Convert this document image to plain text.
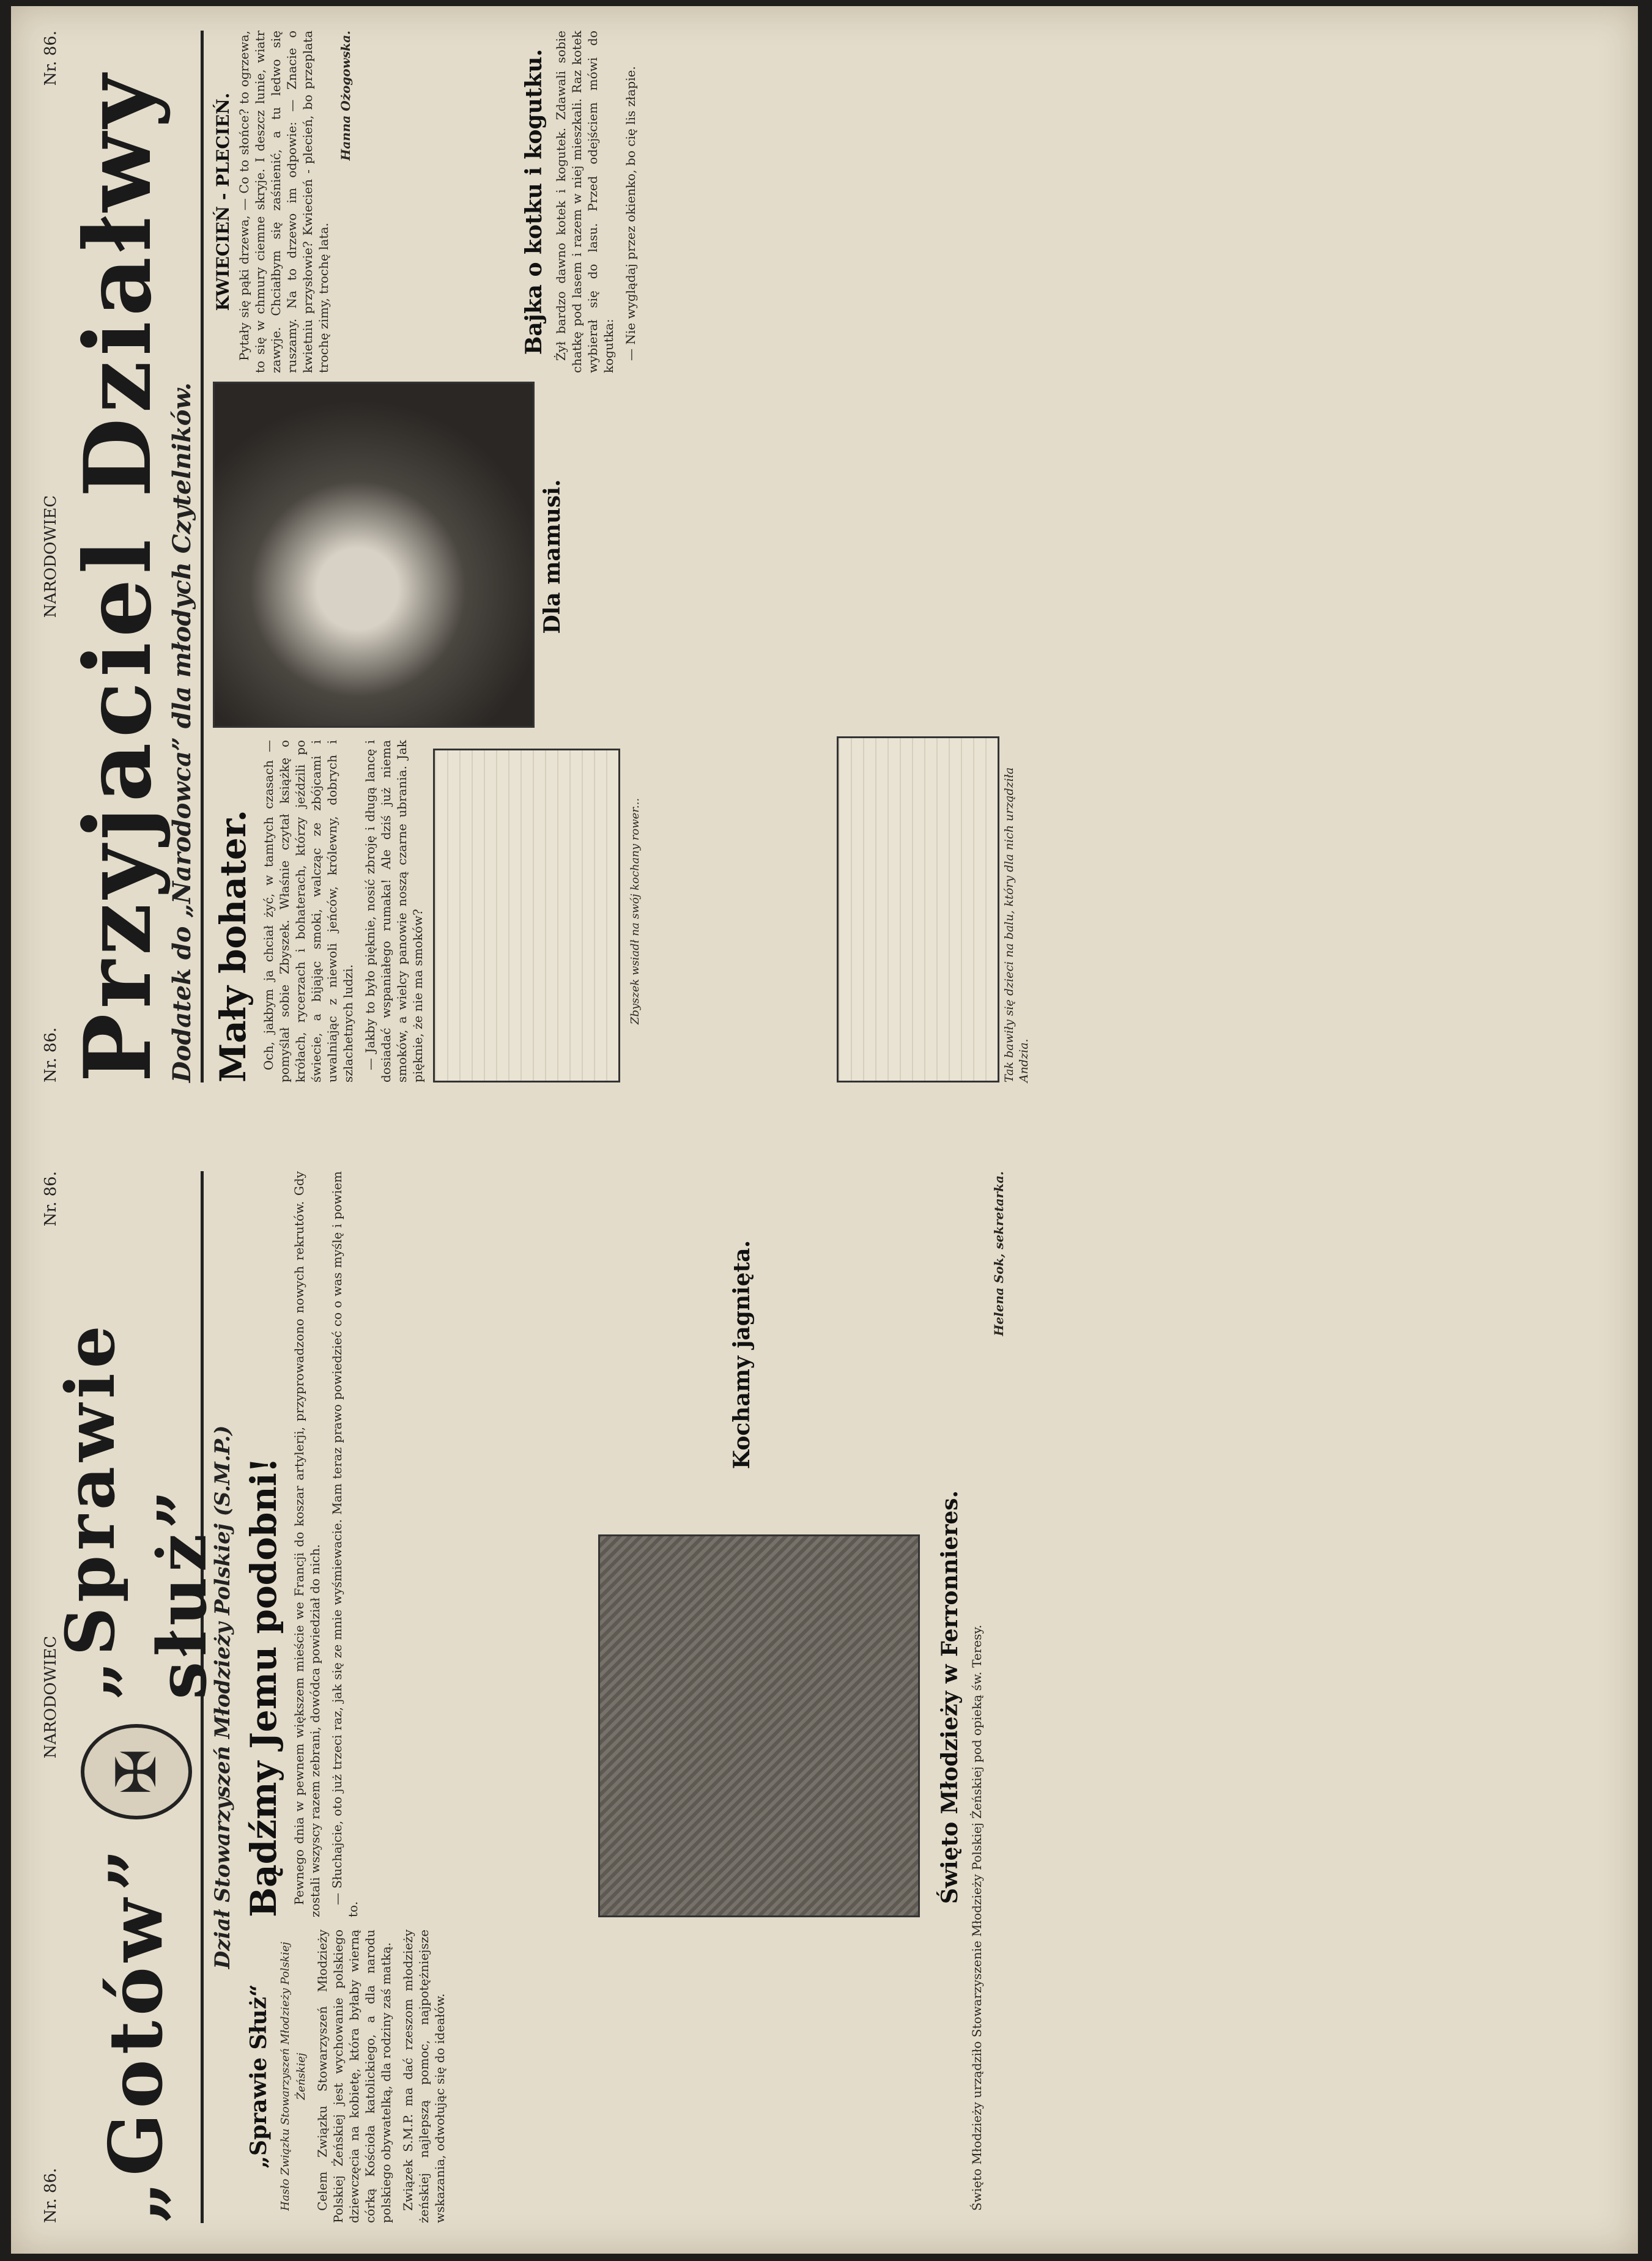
Nr. 86.
NARODOWIEC
Nr. 86.
Przyjaciel Działwy
Dodatek do „Narodowca” dla młodych Czytelników. Mały bohater. Och, jakbym ja chciał żyć, w tamtych czasach — pomyślał sobie Zbyszek. Właśnie czytał książkę o krółach, rycerzach i bohaterach, którzy jeździli po świecie, a bijając smoki, walcząc ze zbójcami i uwalniając z niewoli jeńców, królewny, dobrych i szlachetnych ludzi. — Jakby to było pięknie, nosić zbroję i długą lancę i dosiadać wspaniałego rumaka! Ale dziś już niema smoków, a wielcy panowie noszą czarne ubrania. Jak pięknie, że nie ma smoków?	Zbyszek wsiadł na swój kochany rower...
Dla mamusi.
KWIECIEŃ - PLECIEŃ. Pytały się pąki drzewa, — Co to słońce? to ogrzewa, to się w chmury ciemne skryje. I deszcz lunie, wiatr zawyje. Chciałbym się zaśnienić, a tu ledwo się ruszamy. Na to drzewo im odpowie: — Znacie o kwietniu przysłowie? Kwiecień - plecień, bo przeplata trochę zimy, trochę lata.

Hanna Ożogowska.	Bajka o kotku i kogutku. Żył bardzo dawno kotek i kogutek. Zdawali sobie chatkę pod lasem i razem w niej mieszkali. Raz kotek wybierał się do lasu. Przed odejściem mówi do kogutka: — Nie wyglądaj przez okienko, bo cię lis złapie.

Tak bawiły się dzieci na balu, który dla nich urządziła Andzia.
Nr. 86.
NARODOWIEC
Nr. 86.
„Gotów”
✠
„Sprawie służ”
Dział Stowarzyszeń Młodzieży Polskiej (S.M.P.)
„Sprawie Służ“ Hasło Związku Stowarzyszeń Młodzieży Polskiej Żeńskiej Celem Związku Stowarzyszeń Młodzieży Polskiej Żeńskiej jest wychowanie polskiego dziewczęcia na kobietę, która byłaby wierną córką Kościoła katolickiego, a dla narodu polskiego obywatelką, dla rodziny zaś matką. Związek S.M.P. ma dać rzeszom młodzieży żeńskiej najlepszą pomoc, najpotężniejsze wskazania, odwołując się do ideałów.

Bądźmy Jemu podobni! Pewnego dnia w pewnem większem mieście we Francji do koszar artylerji, przyprowadzono nowych rekrutów. Gdy zostali wszyscy razem zebrani, dowódca powiedział do nich. — Słuchajcie, oto już trzeci raz, jak się ze mnie wyśmiewacie. Mam teraz prawo powiedzieć co o was myślę i powiem to.

Kochamy jagnięta.
Święto Młodzieży w Ferronnieres. Święto Młodzieży urządziło Stowarzyszenie Młodzieży Polskiej Żeńskiej pod opieką św. Teresy.

Helena Sok, sekretarka.
